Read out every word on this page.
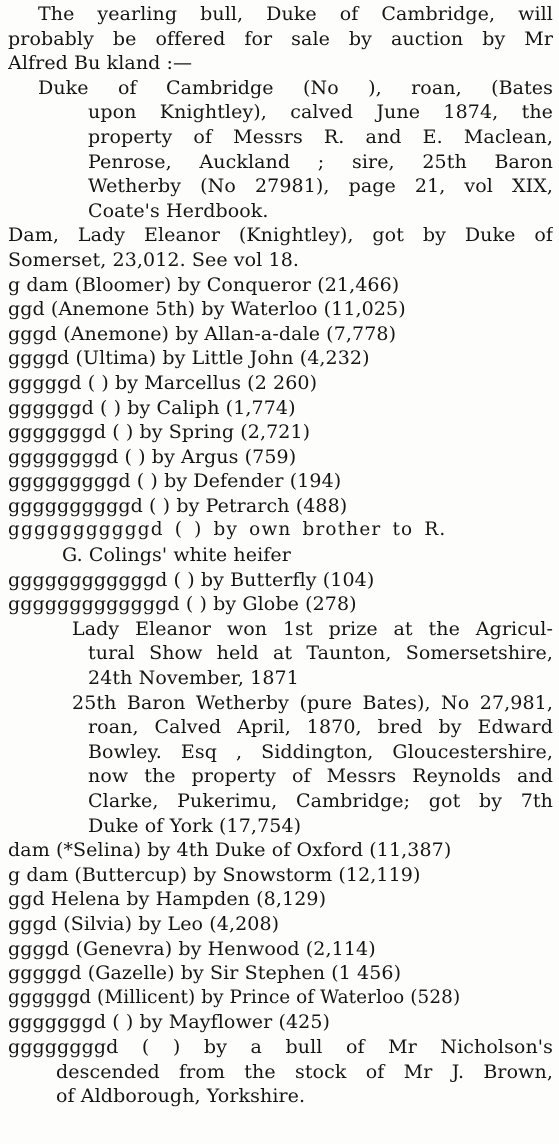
The yearling bull, Duke of Cambridge, will
probably be offered for sale by auction by Mr
Alfred Bu kland :—
Duke of Cambridge (No ), roan, (Bates
upon Knightley), calved June 1874, the
property of Messrs R. and E. Maclean,
Penrose, Auckland ; sire, 25th Baron
Wetherby (No 27981), page 21, vol XIX,
Coate's Herdbook.
Dam, Lady Eleanor (Knightley), got by Duke of
Somerset, 23,012. See vol 18.
g dam (Bloomer) by Conqueror (21,466)
ggd (Anemone 5th) by Waterloo (11,025)
gggd (Anemone) by Allan-a-dale (7,778)
ggggd (Ultima) by Little John (4,232)
gggggd ( ) by Marcellus (2 260)
ggggggd ( ) by Caliph (1,774)
gggggggd ( ) by Spring (2,721)
ggggggggd ( ) by Argus (759)
gggggggggd ( ) by Defender (194)
ggggggggggd ( ) by Petrarch (488)
gggggggggggd ( ) by own brother to R.
G. Colings' white heifer
ggggggggggggd ( ) by Butterfly (104)
gggggggggggggd ( ) by Globe (278)
Lady Eleanor won 1st prize at the Agricul-
tural Show held at Taunton, Somersetshire,
24th November, 1871
25th Baron Wetherby (pure Bates), No 27,981,
roan, Calved April, 1870, bred by Edward
Bowley. Esq , Siddington, Gloucestershire,
now the property of Messrs Reynolds and
Clarke, Pukerimu, Cambridge; got by 7th
Duke of York (17,754)
dam (*Selina) by 4th Duke of Oxford (11,387)
g dam (Buttercup) by Snowstorm (12,119)
ggd Helena by Hampden (8,129)
gggd (Silvia) by Leo (4,208)
ggggd (Genevra) by Henwood (2,114)
gggggd (Gazelle) by Sir Stephen (1 456)
ggggggd (Millicent) by Prince of Waterloo (528)
gggggggd ( ) by Mayflower (425)
ggggggggd ( ) by a bull of Mr Nicholson's
descended from the stock of Mr J. Brown,
of Aldborough, Yorkshire.
